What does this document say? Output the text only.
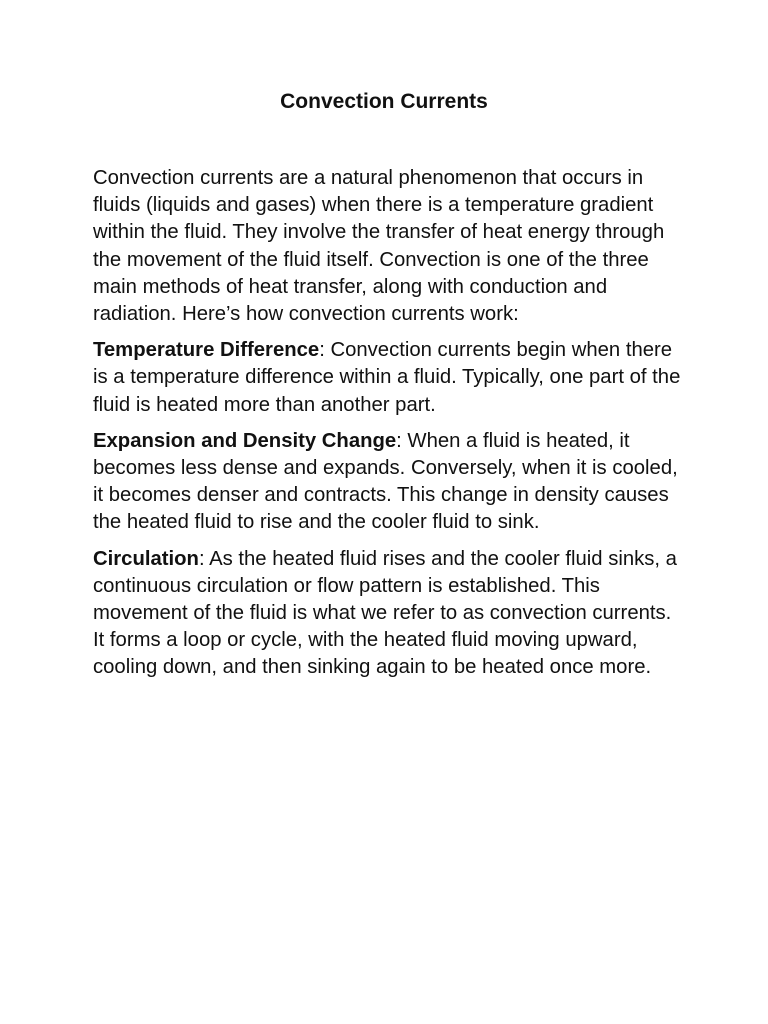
Convection Currents

Convection currents are a natural phenomenon that occurs in fluids (liquids and gases) when there is a temperature gradient within the fluid. They involve the transfer of heat energy through the movement of the fluid itself. Convection is one of the three main methods of heat transfer, along with conduction and radiation. Here’s how convection currents work:

Temperature Difference: Convection currents begin when there is a temperature difference within a fluid. Typically, one part of the fluid is heated more than another part.

Expansion and Density Change: When a fluid is heated, it becomes less dense and expands. Conversely, when it is cooled, it becomes denser and contracts. This change in density causes the heated fluid to rise and the cooler fluid to sink.

Circulation: As the heated fluid rises and the cooler fluid sinks, a continuous circulation or flow pattern is established. This movement of the fluid is what we refer to as convection currents. It forms a loop or cycle, with the heated fluid moving upward, cooling down, and then sinking again to be heated once more.
